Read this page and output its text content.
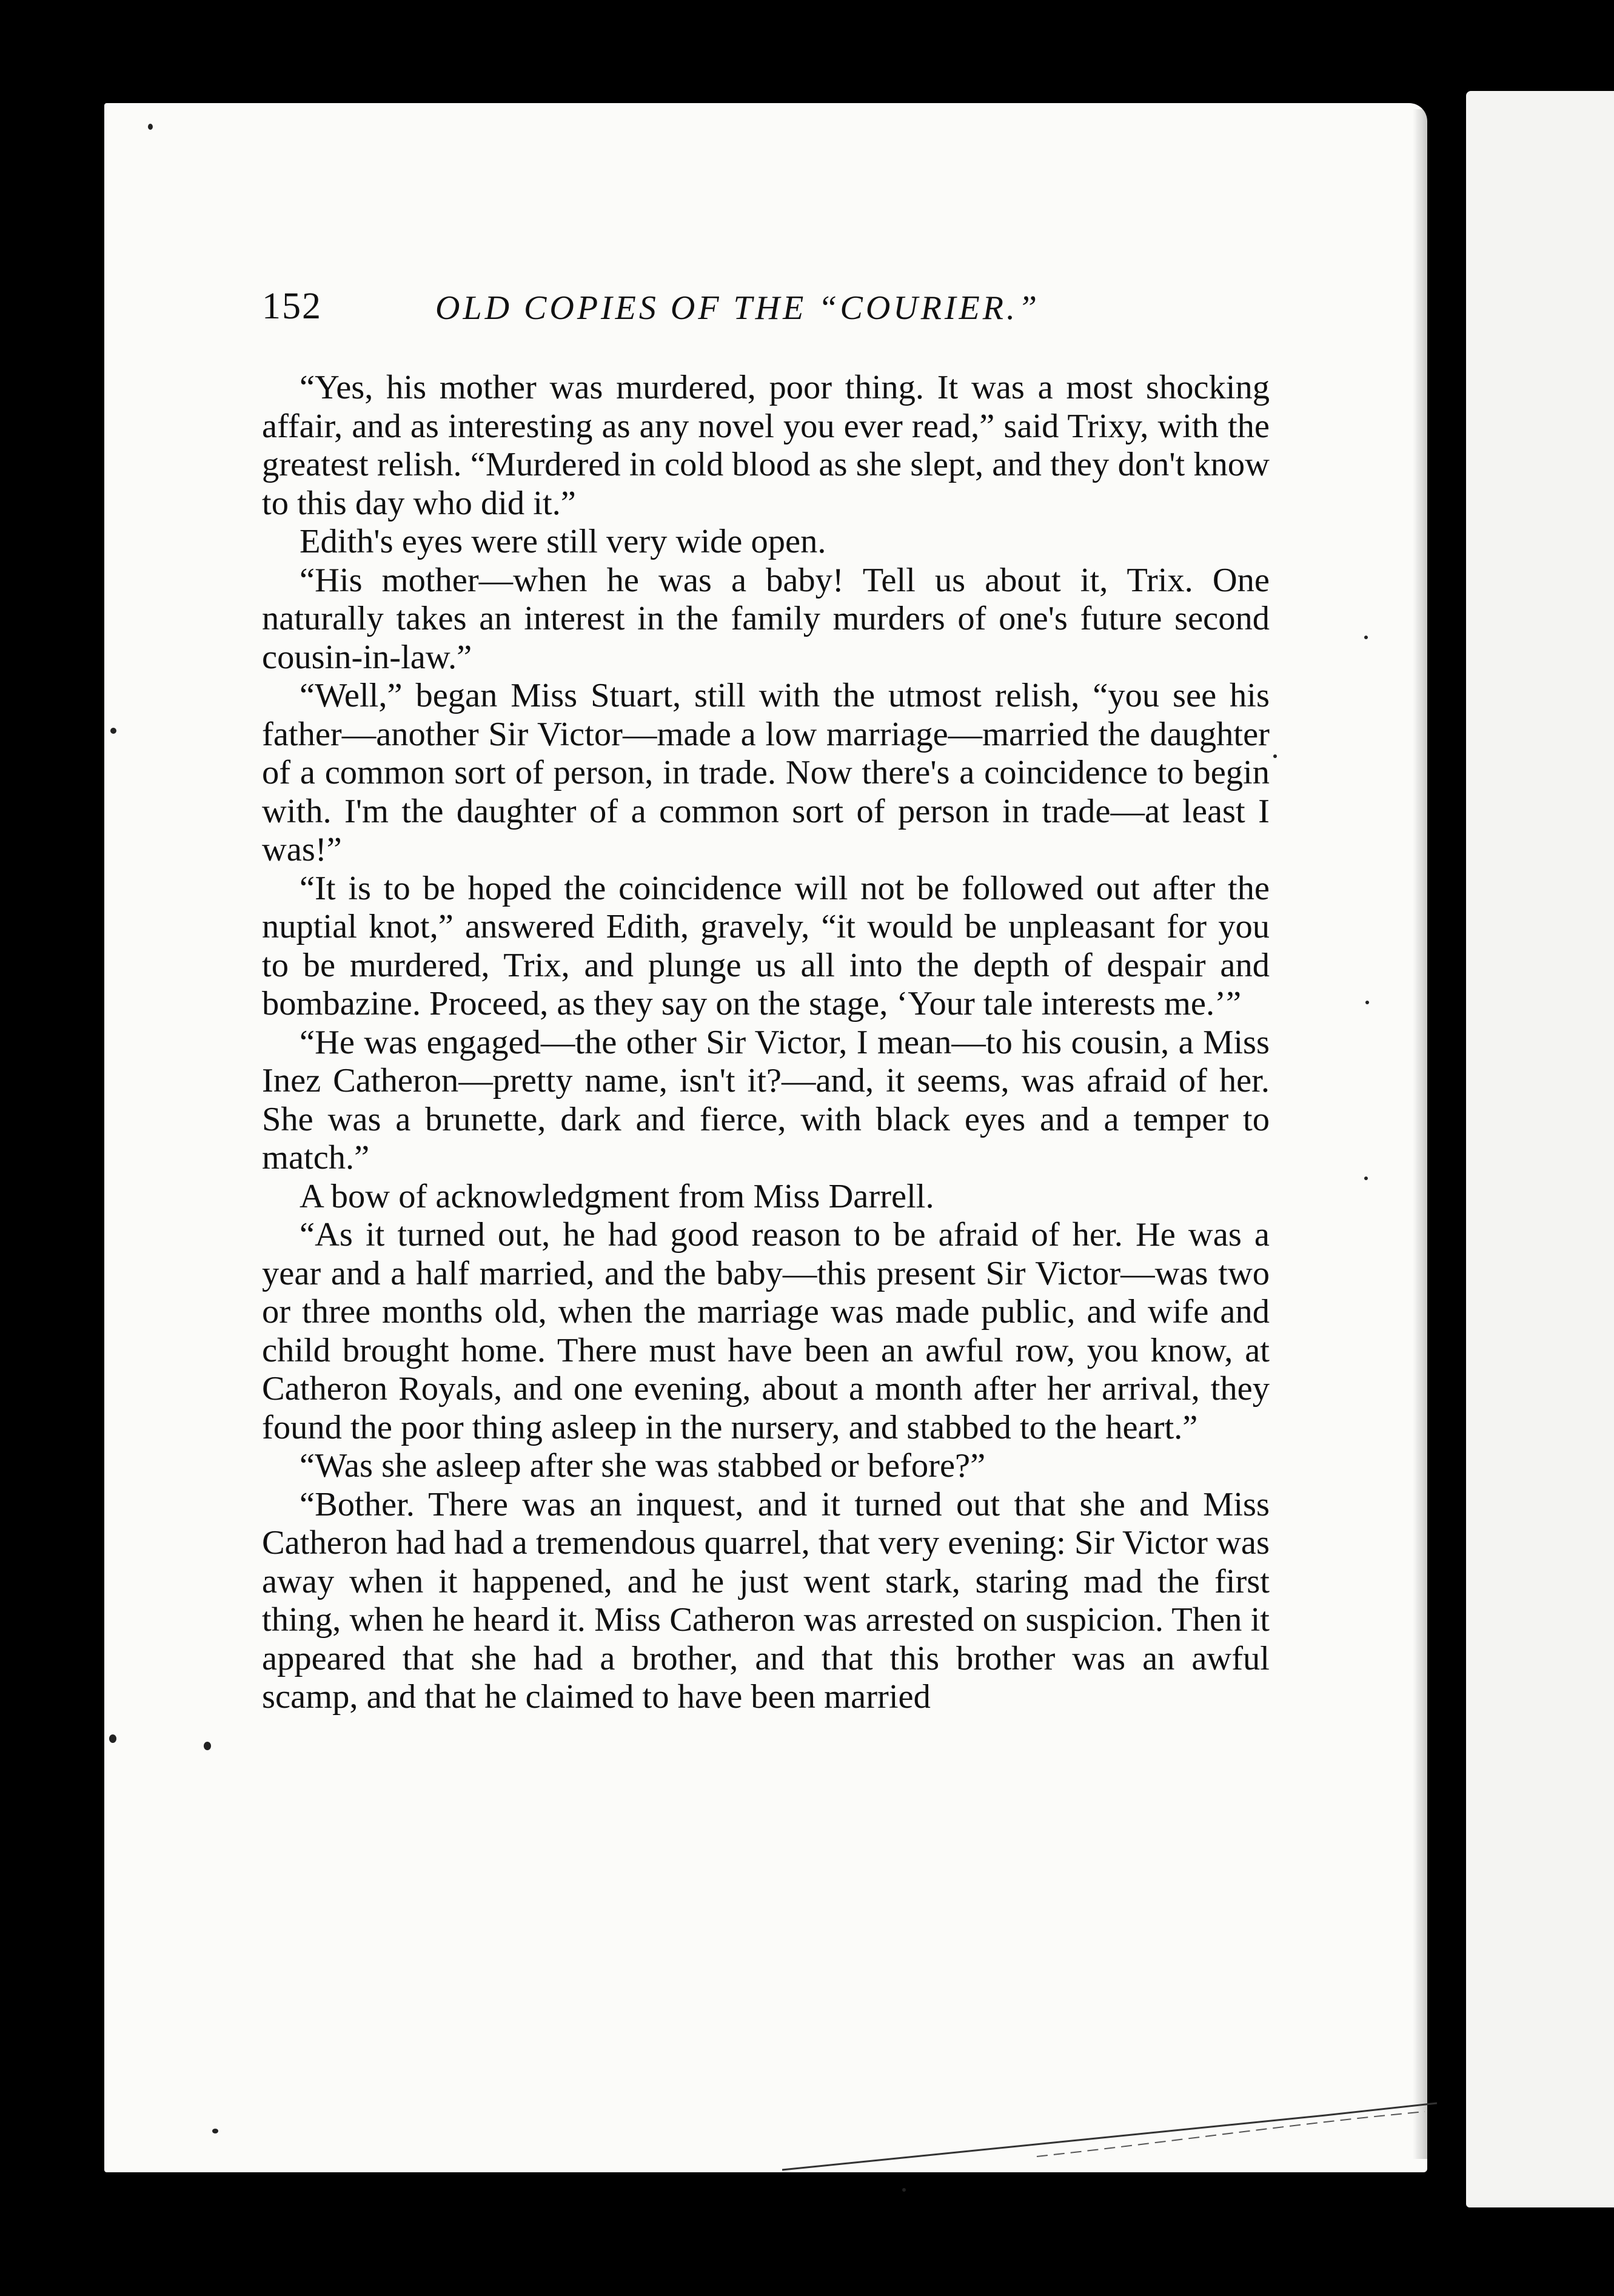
152	OLD COPIES OF THE “COURIER.”

“Yes, his mother was murdered, poor thing. It was a most shocking affair, and as interesting as any novel you ever read,” said Trixy, with the greatest relish. “Murdered in cold blood as she slept, and they don't know to this day who did it.”

Edith's eyes were still very wide open.

“His mother—when he was a baby! Tell us about it, Trix. One naturally takes an interest in the family murders of one's future second cousin-in-law.”

“Well,” began Miss Stuart, still with the utmost relish, “you see his father—another Sir Victor—made a low marriage—married the daughter of a common sort of person, in trade. Now there's a coincidence to begin with. I'm the daughter of a common sort of person in trade—at least I was!”

“It is to be hoped the coincidence will not be followed out after the nuptial knot,” answered Edith, gravely, “it would be unpleasant for you to be murdered, Trix, and plunge us all into the depth of despair and bombazine. Proceed, as they say on the stage, ‘Your tale interests me.’”

“He was engaged—the other Sir Victor, I mean—to his cousin, a Miss Inez Catheron—pretty name, isn't it?—and, it seems, was afraid of her. She was a brunette, dark and fierce, with black eyes and a temper to match.”

A bow of acknowledgment from Miss Darrell.

“As it turned out, he had good reason to be afraid of her. He was a year and a half married, and the baby—this present Sir Victor—was two or three months old, when the marriage was made public, and wife and child brought home. There must have been an awful row, you know, at Catheron Royals, and one evening, about a month after her arrival, they found the poor thing asleep in the nursery, and stabbed to the heart.”

“Was she asleep after she was stabbed or before?”

“Bother. There was an inquest, and it turned out that she and Miss Catheron had had a tremendous quarrel, that very evening: Sir Victor was away when it happened, and he just went stark, staring mad the first thing, when he heard it. Miss Catheron was arrested on suspicion. Then it appeared that she had a brother, and that this brother was an awful scamp, and that he claimed to have been married
